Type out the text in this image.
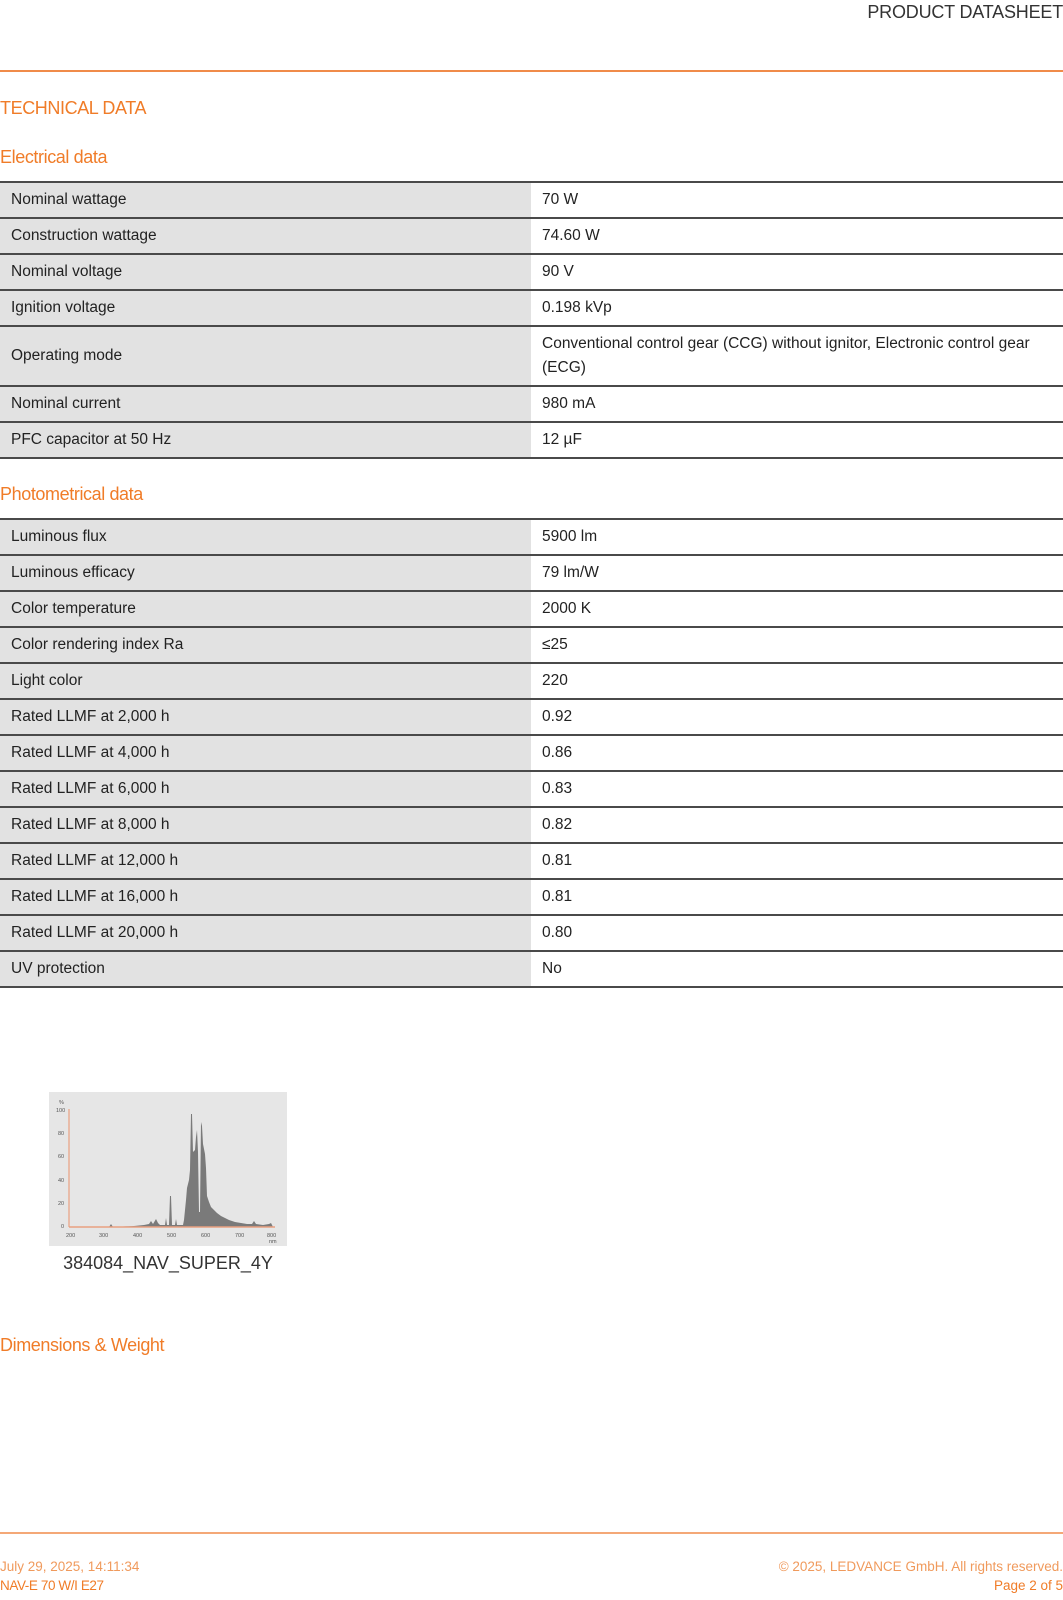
PRODUCT DATASHEET
TECHNICAL DATA
Electrical data
Nominal wattage	70 W
Construction wattage	74.60 W
Nominal voltage	90 V
Ignition voltage	0.198 kVp
Operating mode	Conventional control gear (CCG) without ignitor, Electronic control gear (ECG)
Nominal current	980 mA
PFC capacitor at 50 Hz	12 µF
Photometrical data
Luminous flux	5900 lm
Luminous efficacy	79 lm/W
Color temperature	2000 K
Color rendering index Ra	≤25
Light color	220
Rated LLMF at 2,000 h	0.92
Rated LLMF at 4,000 h	0.86
Rated LLMF at 6,000 h	0.83
Rated LLMF at 8,000 h	0.82
Rated LLMF at 12,000 h	0.81
Rated LLMF at 16,000 h	0.81
Rated LLMF at 20,000 h	0.80
UV protection	No
%
100
80
60
40
20
0
200	300	400	500	600	700	800
nm
384084_NAV_SUPER_4Y
Dimensions & Weight
July 29, 2025, 14:11:34
NAV-E 70 W/I E27
© 2025, LEDVANCE GmbH. All rights reserved.
Page 2 of 5
